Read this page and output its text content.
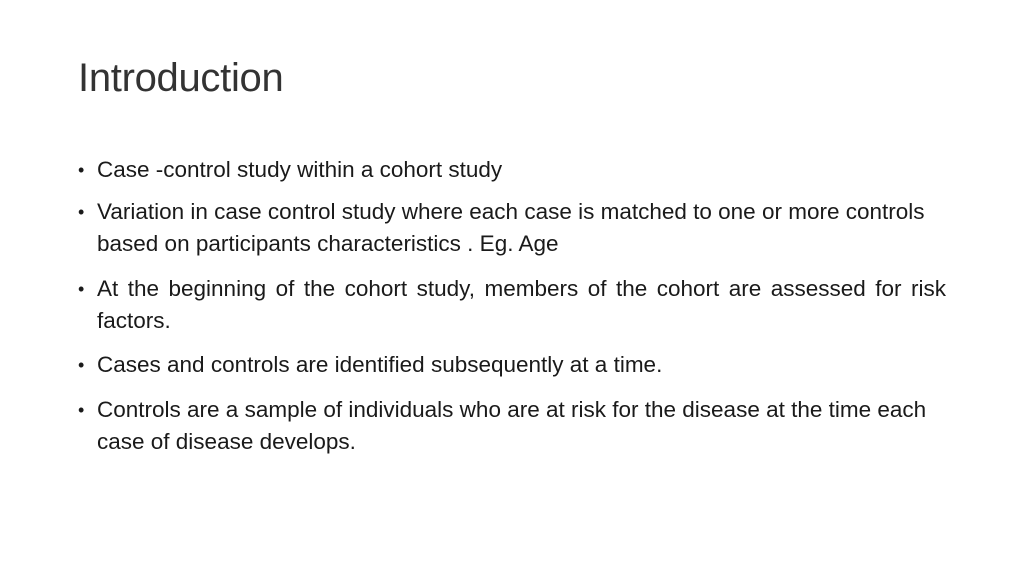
Introduction
• Case -control study within a cohort study
• Variation in case control study where each case is matched to one or more controls based on participants characteristics . Eg. Age
• At the beginning of the cohort study, members of the cohort are assessed for risk factors.
• Cases and controls are identified subsequently at a time.
• Controls are a sample of individuals who are at risk for the disease at the time each case of disease develops.
